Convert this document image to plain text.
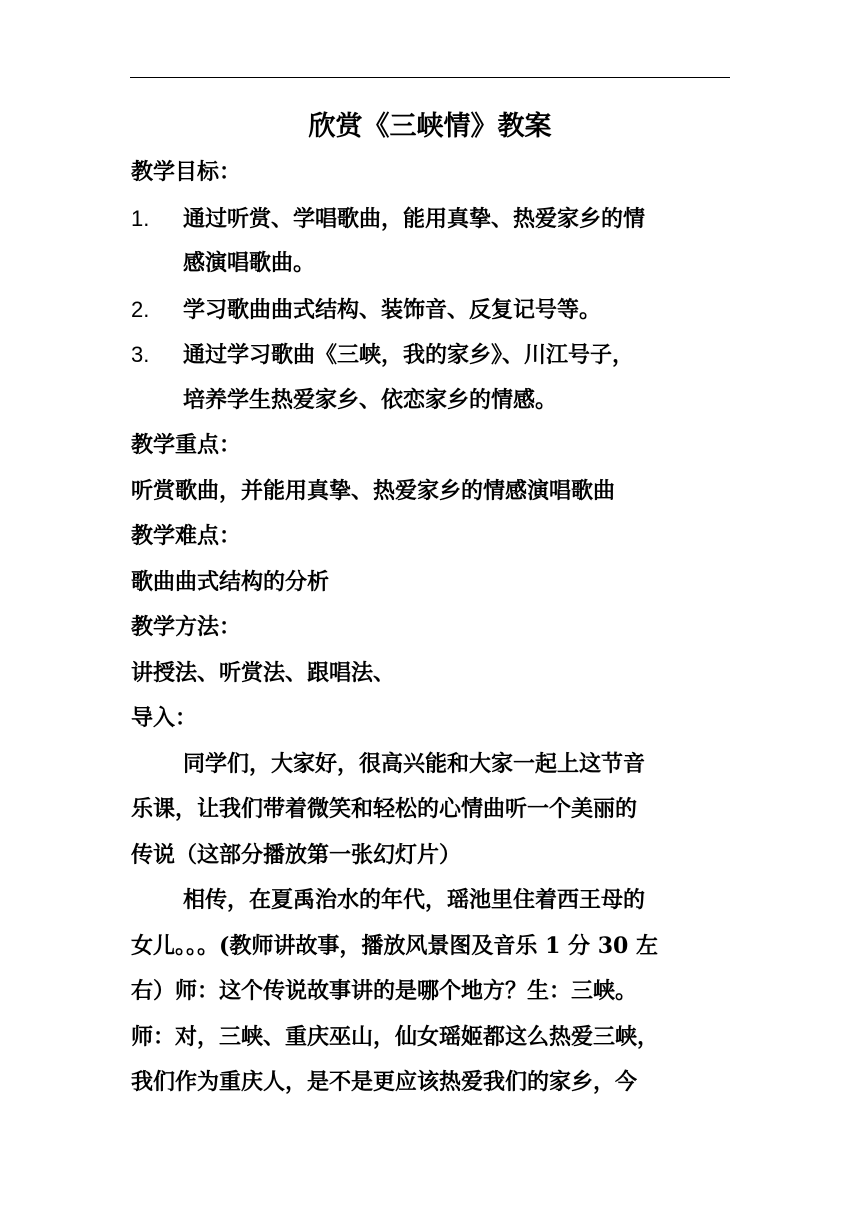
欣赏《三峡情》教案
教学目标：
1. 通过听赏、学唱歌曲，能用真挚、热爱家乡的情
感演唱歌曲。
2. 学习歌曲曲式结构、装饰音、反复记号等。
3. 通过学习歌曲《三峡，我的家乡》、川江号子，
培养学生热爱家乡、依恋家乡的情感。
教学重点：
听赏歌曲，并能用真挚、热爱家乡的情感演唱歌曲
教学难点：
歌曲曲式结构的分析
教学方法：
讲授法、听赏法、跟唱法、
导入：
同学们，大家好，很高兴能和大家一起上这节音
乐课，让我们带着微笑和轻松的心情曲听一个美丽的
传说（这部分播放第一张幻灯片）
相传，在夏禹治水的年代，瑶池里住着西王母的
女儿。。。(教师讲故事，播放风景图及音乐 1 分 30 左
右）师：这个传说故事讲的是哪个地方？生：三峡。
师：对，三峡、重庆巫山，仙女瑶姬都这么热爱三峡，
我们作为重庆人，是不是更应该热爱我们的家乡，今
